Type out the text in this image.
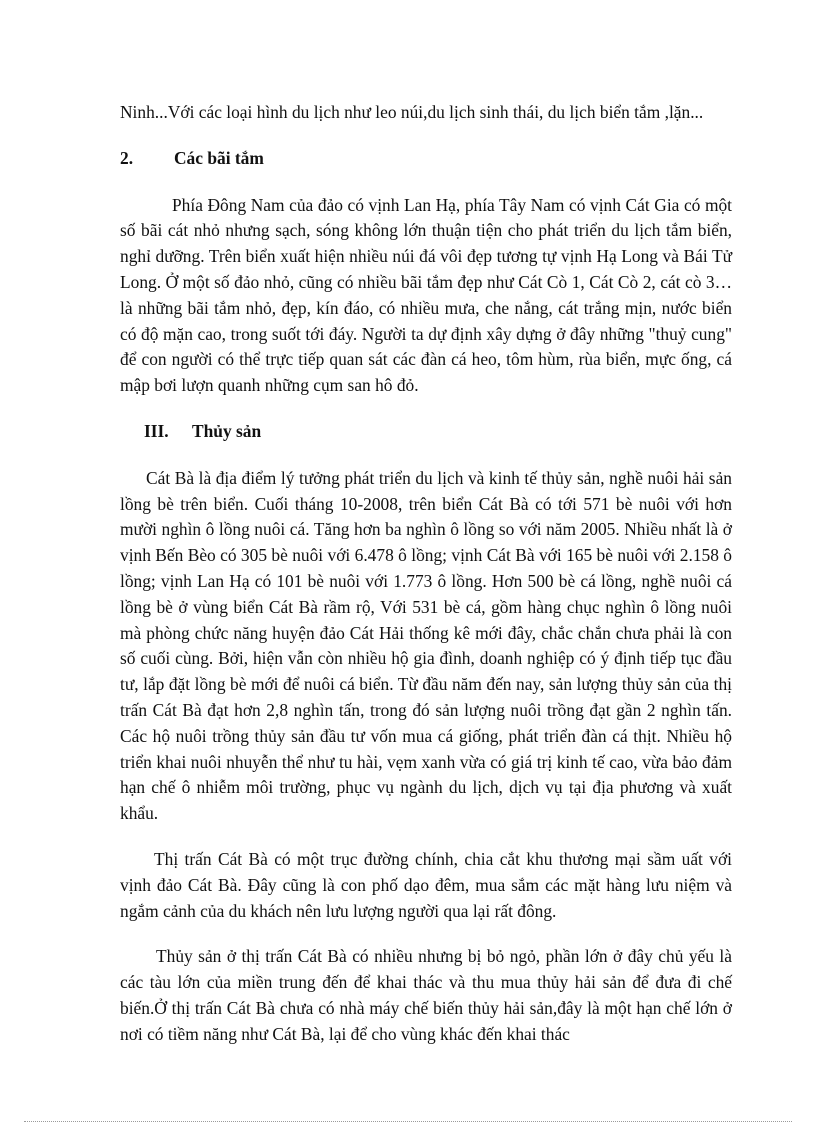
Ninh...Với các loại hình du lịch như leo núi,du lịch sinh thái, du lịch biển tắm ,lặn...

2.	Các bãi tắm

Phía Đông Nam của đảo có vịnh Lan Hạ, phía Tây Nam có vịnh Cát Gia có một số bãi cát nhỏ nhưng sạch, sóng không lớn thuận tiện cho phát triển du lịch tắm biển, nghỉ dưỡng. Trên biển xuất hiện nhiều núi đá vôi đẹp tương tự vịnh Hạ Long và Bái Tử Long. Ở một số đảo nhỏ, cũng có nhiều bãi tắm đẹp như Cát Cò 1, Cát Cò 2, cát cò 3…là những bãi tắm nhỏ, đẹp, kín đáo, có nhiều mưa, che nắng, cát trắng mịn, nước biển có độ mặn cao, trong suốt tới đáy. Người ta dự định xây dựng ở đây những "thuỷ cung" để con người có thể trực tiếp quan sát các đàn cá heo, tôm hùm, rùa biển, mực ống, cá mập bơi lượn quanh những cụm san hô đỏ.

III.	Thủy sản

Cát Bà là địa điểm lý tưởng phát triển du lịch và kinh tế thủy sản, nghề nuôi hải sản lồng bè trên biển. Cuối tháng 10-2008, trên biển Cát Bà có tới 571 bè nuôi với hơn mười nghìn ô lồng nuôi cá. Tăng hơn ba nghìn ô lồng so với năm 2005. Nhiều nhất là ở vịnh Bến Bèo có 305 bè nuôi với 6.478 ô lồng; vịnh Cát Bà với 165 bè nuôi với 2.158 ô lồng; vịnh Lan Hạ có 101 bè nuôi với 1.773 ô lồng. Hơn 500 bè cá lồng, nghề nuôi cá lồng bè ở vùng biển Cát Bà rầm rộ, Với 531 bè cá, gồm hàng chục nghìn ô lồng nuôi mà phòng chức năng huyện đảo Cát Hải thống kê mới đây, chắc chắn chưa phải là con số cuối cùng. Bởi, hiện vẫn còn nhiều hộ gia đình, doanh nghiệp có ý định tiếp tục đầu tư, lắp đặt lồng bè mới để nuôi cá biển. Từ đầu năm đến nay, sản lượng thủy sản của thị trấn Cát Bà đạt hơn 2,8 nghìn tấn, trong đó sản lượng nuôi trồng đạt gần 2 nghìn tấn. Các hộ nuôi trồng thủy sản đầu tư vốn mua cá giống, phát triển đàn cá thịt. Nhiều hộ triển khai nuôi nhuyễn thể như tu hài, vẹm xanh vừa có giá trị kinh tế cao, vừa bảo đảm hạn chế ô nhiễm môi trường, phục vụ ngành du lịch, dịch vụ tại địa phương và xuất khẩu.

Thị trấn Cát Bà có một trục đường chính, chia cắt khu thương mại sầm uất với vịnh đảo Cát Bà. Đây cũng là con phố dạo đêm, mua sắm các mặt hàng lưu niệm và ngắm cảnh của du khách nên lưu lượng người qua lại rất đông.

Thủy sản ở thị trấn Cát Bà có nhiều nhưng bị bỏ ngỏ, phần lớn ở đây chủ yếu là các tàu lớn của miền trung đến để khai thác và thu mua thủy hải sản để đưa đi chế biến.Ở thị trấn Cát Bà chưa có nhà máy chế biến thủy hải sản,đây là một hạn chế lớn ở nơi có tiềm năng như Cát Bà, lại để cho vùng khác đến khai thác
